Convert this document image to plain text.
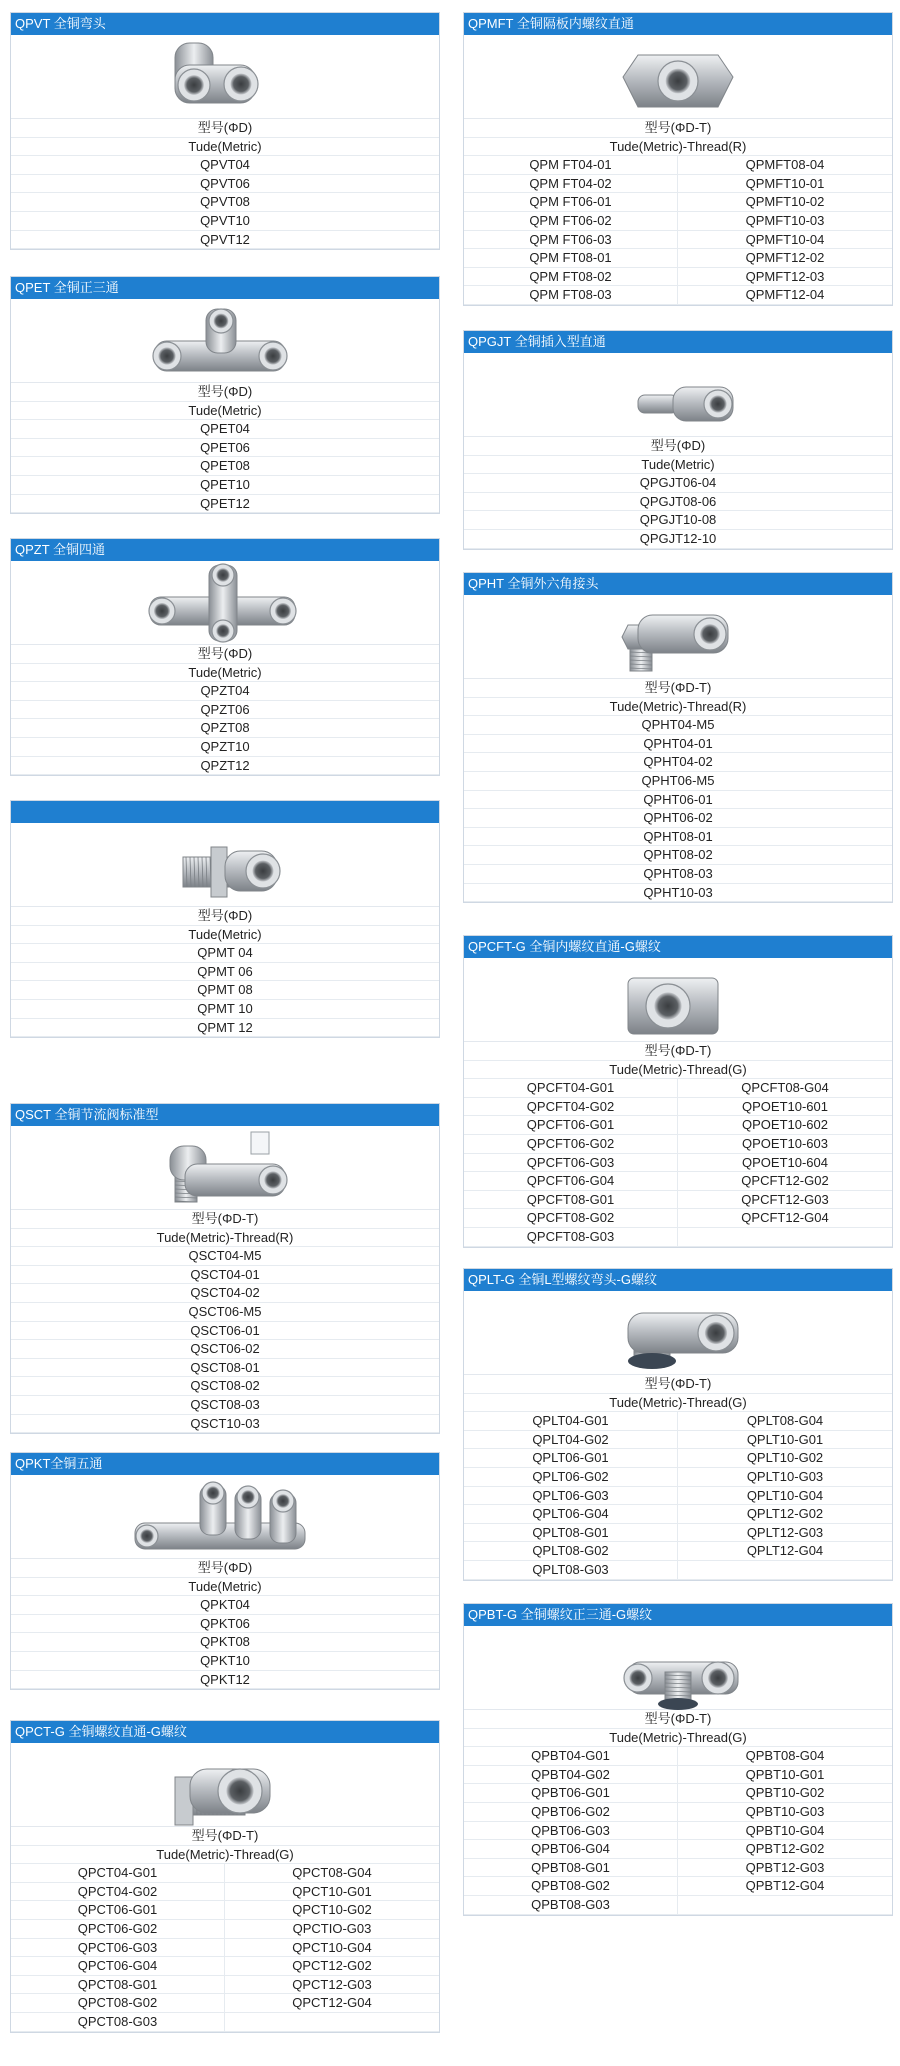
QPVT 全铜弯头
型号(ΦD)
Tude(Metric)
QPVT04
QPVT06
QPVT08
QPVT10
QPVT12
QPET 全铜正三通
型号(ΦD)
Tude(Metric)
QPET04
QPET06
QPET08
QPET10
QPET12
QPZT 全铜四通
型号(ΦD)
Tude(Metric)
QPZT04
QPZT06
QPZT08
QPZT10
QPZT12
型号(ΦD)
Tude(Metric)
QPMT 04
QPMT 06
QPMT 08
QPMT 10
QPMT 12
QSCT 全铜节流阀标准型
型号(ΦD-T)
Tude(Metric)-Thread(R)
QSCT04-M5
QSCT04-01
QSCT04-02
QSCT06-M5
QSCT06-01
QSCT06-02
QSCT08-01
QSCT08-02
QSCT08-03
QSCT10-03
QPKT全铜五通
型号(ΦD)
Tude(Metric)
QPKT04
QPKT06
QPKT08
QPKT10
QPKT12
QPCT-G 全铜螺纹直通-G螺纹
型号(ΦD-T)
Tude(Metric)-Thread(G)
QPCT04-G01	QPCT08-G04
QPCT04-G02	QPCT10-G01
QPCT06-G01	QPCT10-G02
QPCT06-G02	QPCTIO-G03
QPCT06-G03	QPCT10-G04
QPCT06-G04	QPCT12-G02
QPCT08-G01	QPCT12-G03
QPCT08-G02	QPCT12-G04
QPCT08-G03
QPMFT 全铜隔板内螺纹直通
型号(ΦD-T)
Tude(Metric)-Thread(R)
QPM FT04-01	QPMFT08-04
QPM FT04-02	QPMFT10-01
QPM FT06-01	QPMFT10-02
QPM FT06-02	QPMFT10-03
QPM FT06-03	QPMFT10-04
QPM FT08-01	QPMFT12-02
QPM FT08-02	QPMFT12-03
QPM FT08-03	QPMFT12-04
QPGJT 全铜插入型直通
型号(ΦD)
Tude(Metric)
QPGJT06-04
QPGJT08-06
QPGJT10-08
QPGJT12-10
QPHT 全铜外六角接头
型号(ΦD-T)
Tude(Metric)-Thread(R)
QPHT04-M5
QPHT04-01
QPHT04-02
QPHT06-M5
QPHT06-01
QPHT06-02
QPHT08-01
QPHT08-02
QPHT08-03
QPHT10-03
QPCFT-G 全铜内螺纹直通-G螺纹
型号(ΦD-T)
Tude(Metric)-Thread(G)
QPCFT04-G01	QPCFT08-G04
QPCFT04-G02	QPOET10-601
QPCFT06-G01	QPOET10-602
QPCFT06-G02	QPOET10-603
QPCFT06-G03	QPOET10-604
QPCFT06-G04	QPCFT12-G02
QPCFT08-G01	QPCFT12-G03
QPCFT08-G02	QPCFT12-G04
QPCFT08-G03
QPLT-G 全铜L型螺纹弯头-G螺纹
型号(ΦD-T)
Tude(Metric)-Thread(G)
QPLT04-G01	QPLT08-G04
QPLT04-G02	QPLT10-G01
QPLT06-G01	QPLT10-G02
QPLT06-G02	QPLT10-G03
QPLT06-G03	QPLT10-G04
QPLT06-G04	QPLT12-G02
QPLT08-G01	QPLT12-G03
QPLT08-G02	QPLT12-G04
QPLT08-G03
QPBT-G 全铜螺纹正三通-G螺纹
型号(ΦD-T)
Tude(Metric)-Thread(G)
QPBT04-G01	QPBT08-G04
QPBT04-G02	QPBT10-G01
QPBT06-G01	QPBT10-G02
QPBT06-G02	QPBT10-G03
QPBT06-G03	QPBT10-G04
QPBT06-G04	QPBT12-G02
QPBT08-G01	QPBT12-G03
QPBT08-G02	QPBT12-G04
QPBT08-G03
